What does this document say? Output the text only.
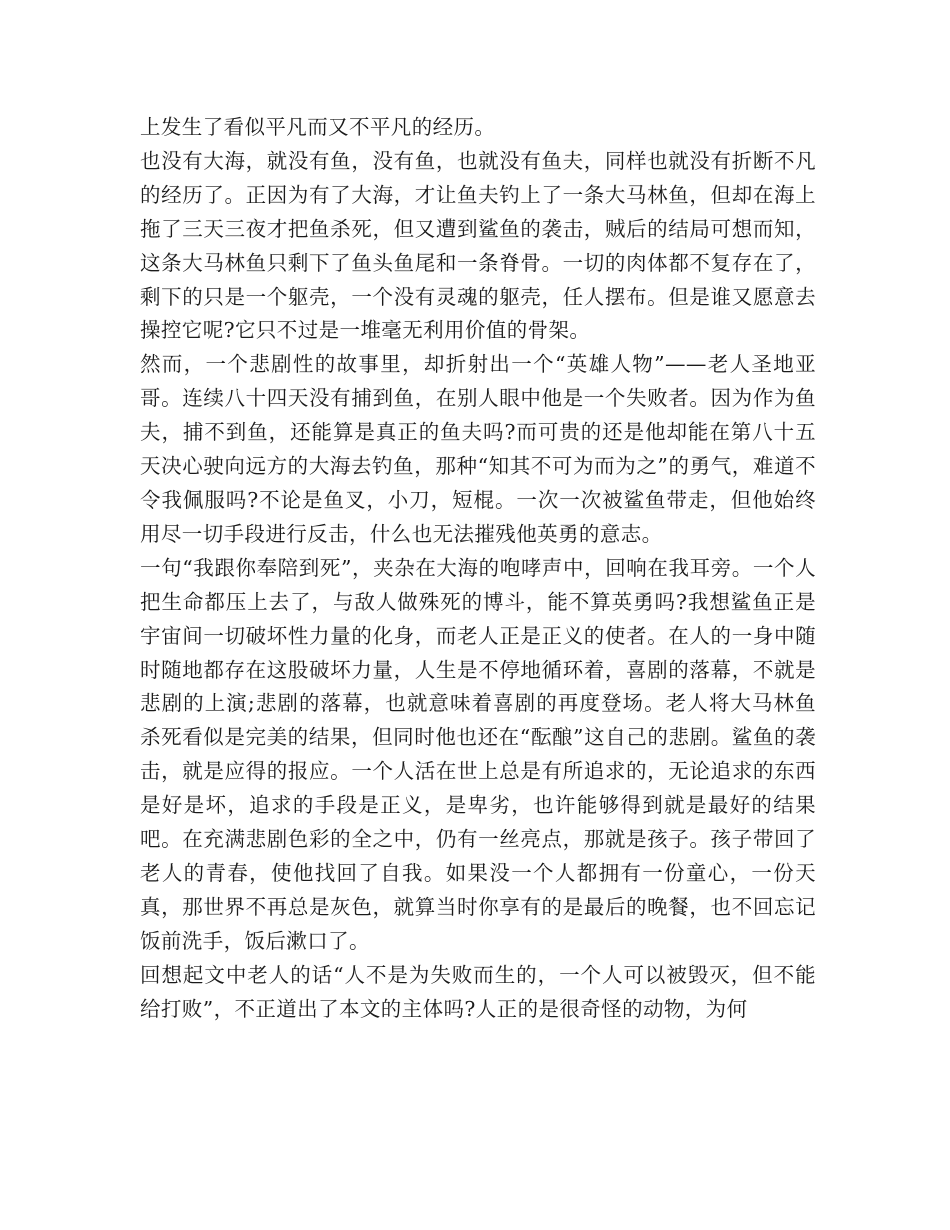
上发生了看似平凡而又不平凡的经历。

也没有大海，就没有鱼，没有鱼，也就没有鱼夫，同样也就没有折断不凡的经历了。正因为有了大海，才让鱼夫钓上了一条大马林鱼，但却在海上拖了三天三夜才把鱼杀死，但又遭到鲨鱼的袭击，贼后的结局可想而知，这条大马林鱼只剩下了鱼头鱼尾和一条脊骨。一切的肉体都不复存在了，剩下的只是一个躯壳，一个没有灵魂的躯壳，任人摆布。但是谁又愿意去操控它呢?它只不过是一堆毫无利用价值的骨架。

然而，一个悲剧性的故事里，却折射出一个“英雄人物”——老人圣地亚哥。连续八十四天没有捕到鱼，在别人眼中他是一个失败者。因为作为鱼夫，捕不到鱼，还能算是真正的鱼夫吗?而可贵的还是他却能在第八十五天决心驶向远方的大海去钓鱼，那种“知其不可为而为之”的勇气，难道不令我佩服吗?不论是鱼叉，小刀，短棍。一次一次被鲨鱼带走，但他始终用尽一切手段进行反击，什么也无法摧残他英勇的意志。

一句“我跟你奉陪到死”，夹杂在大海的咆哮声中，回响在我耳旁。一个人把生命都压上去了，与敌人做殊死的博斗，能不算英勇吗?我想鲨鱼正是宇宙间一切破坏性力量的化身，而老人正是正义的使者。在人的一身中随时随地都存在这股破坏力量，人生是不停地循环着，喜剧的落幕，不就是悲剧的上演;悲剧的落幕，也就意味着喜剧的再度登场。老人将大马林鱼杀死看似是完美的结果，但同时他也还在“酝酿”这自己的悲剧。鲨鱼的袭击，就是应得的报应。一个人活在世上总是有所追求的，无论追求的东西是好是坏，追求的手段是正义，是卑劣，也许能够得到就是最好的结果吧。在充满悲剧色彩的全之中，仍有一丝亮点，那就是孩子。孩子带回了老人的青春，使他找回了自我。如果没一个人都拥有一份童心，一份天真，那世界不再总是灰色，就算当时你享有的是最后的晚餐，也不回忘记饭前洗手，饭后漱口了。

回想起文中老人的话“人不是为失败而生的，一个人可以被毁灭，但不能给打败”，不正道出了本文的主体吗?人正的是很奇怪的动物，为何
